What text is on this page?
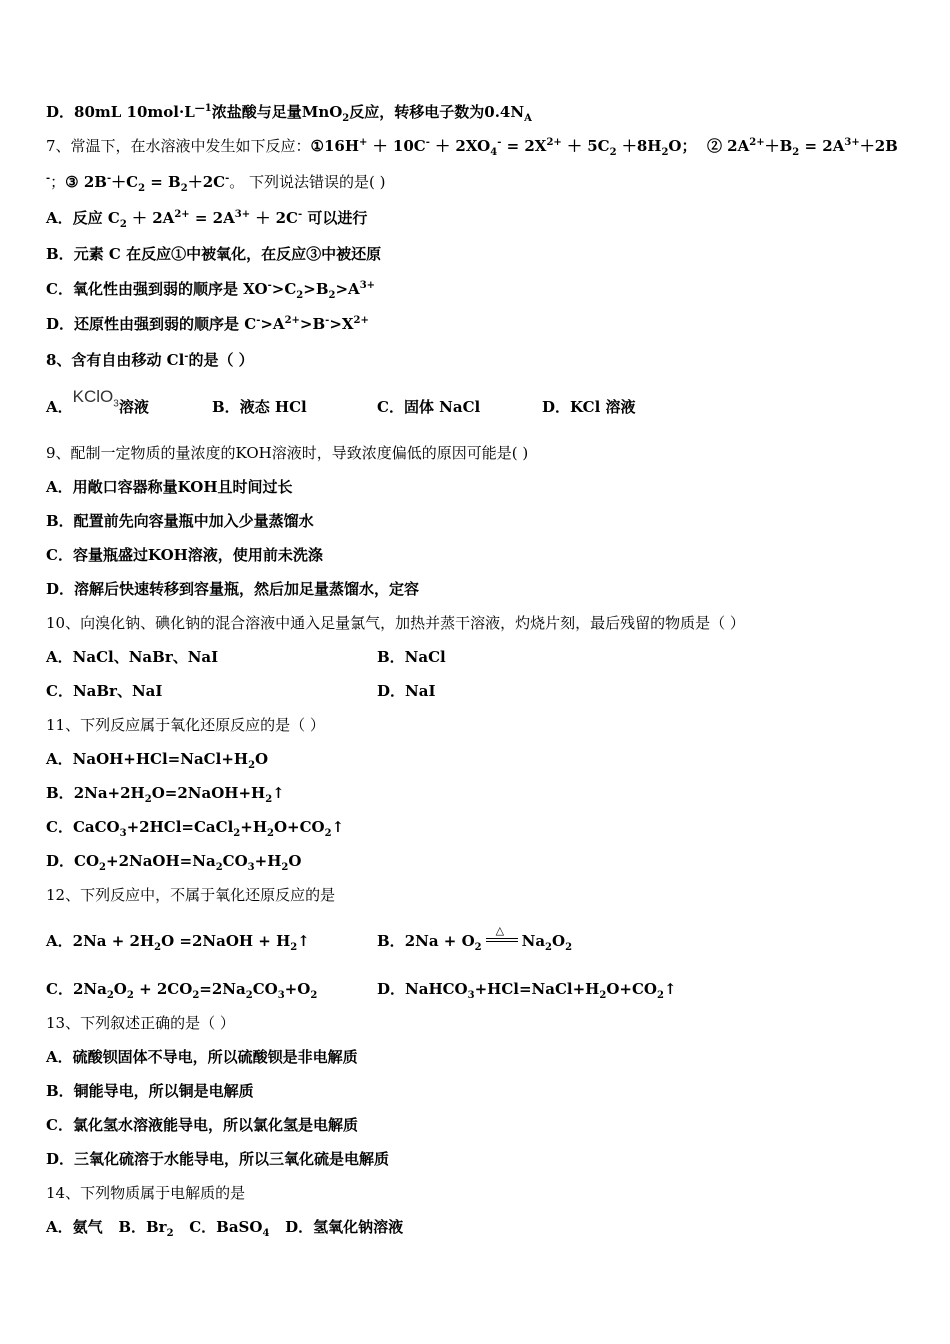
D．80mL $10mol\cdot L^{—1}$浓盐酸与足量MnO$_2$反应，转移电子数为$0.4N_A$
7、常温下，在水溶液中发生如下反应：①16H+ ＋ $10C^- + 2XO_4^- = 2X^{2+} + 5C_2 +8H_2O$； ② $2A^{2+}+B_2 = 2A^{3+}+2B$
-；③ $2B^-+C_2 = B_2+2C^-$。 下列说法错误的是( )
A．反应 $C_2 + 2A^{2+} = 2A^{3+} + 2C^-$ 可以进行
B．元素 C 在反应①中被氧化，在反应③中被还原
C．氧化性由强到弱的顺序是 $XO^->C_2>B_2>A^{3+}$
D．还原性由强到弱的顺序是 $C^->A^{2+}>B^->X^{2+}$
8、含有自由移动 Cl-的是（ ）
A．KClO$_3$溶液	B．液态 HCl	C．固体 NaCl	D．KCl 溶液
9、配制一定物质的量浓度的KOH溶液时，导致浓度偏低的原因可能是( )
A．用敞口容器称量KOH且时间过长
B．配置前先向容量瓶中加入少量蒸馏水
C．容量瓶盛过KOH溶液，使用前未洗涤
D．溶解后快速转移到容量瓶，然后加足量蒸馏水，定容
10、向溴化钠、碘化钠的混合溶液中通入足量氯气，加热并蒸干溶液，灼烧片刻，最后残留的物质是（ ）
A．NaCl、NaBr、NaI	B．NaCl
C．NaBr、NaI	D．NaI
11、下列反应属于氧化还原反应的是（ ）
A．$NaOH+HCl=NaCl+H_2O$
B．$2Na+2H_2O=2NaOH+H_2↑$
C．$CaCO_3+2HCl=CaCl_2+H_2O+CO_2↑$
D．$CO_2+2NaOH=Na_2CO_3+H_2O$
12、下列反应中，不属于氧化还原反应的是
A．$2Na + 2H_2O$ =2NaOH + $H_2↑$	B．$2Na + O_2$
△
$Na_2O_2$
C．$2Na_2O_2 + 2CO_2=2Na_2CO_3+O_2$	D．$NaHCO_3+HCl=NaCl+H_2O+CO_2↑$
13、下列叙述正确的是（ ）
A．硫酸钡固体不导电，所以硫酸钡是非电解质
B．铜能导电，所以铜是电解质
C．氯化氢水溶液能导电，所以氯化氢是电解质
D．三氧化硫溶于水能导电，所以三氧化硫是电解质
14、下列物质属于电解质的是
A．氨气 B．$Br_2$ C．BaSO$_4$ D．氢氧化钠溶液
